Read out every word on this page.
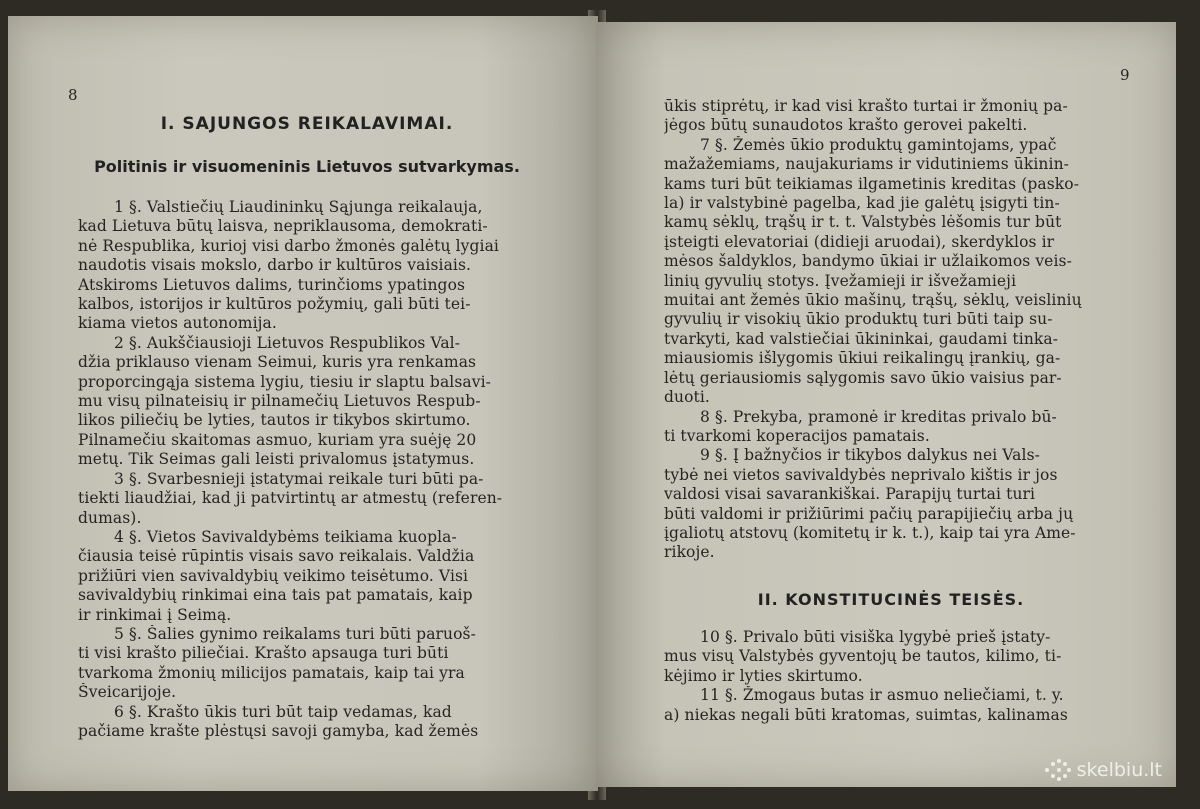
8
I. SAJUNGOS REIKALAVIMAI.
Politinis ir visuomeninis Lietuvos sutvarkymas.
1 §. Valstiečių Liaudininkų Sąjunga reikalauja,
kad Lietuva būtų laisva, nepriklausoma, demokrati-
nė Respublika, kurioj visi darbo žmonės galėtų lygiai
naudotis visais mokslo, darbo ir kultūros vaisiais.
Atskiroms Lietuvos dalims, turinčioms ypatingos
kalbos, istorijos ir kultūros požymių, gali būti tei-
kiama vietos autonomija.
2 §. Aukščiausioji Lietuvos Respublikos Val-
džia priklauso vienam Seimui, kuris yra renkamas
proporcingąja sistema lygiu, tiesiu ir slaptu balsavi-
mu visų pilnateisių ir pilnamečių Lietuvos Respub-
likos piliečių be lyties, tautos ir tikybos skirtumo.
Pilnamečiu skaitomas asmuo, kuriam yra suėję 20
metų. Tik Seimas gali leisti privalomus įstatymus.
3 §. Svarbesnieji įstatymai reikale turi būti pa-
tiekti liaudžiai, kad ji patvirtintų ar atmestų (referen-
dumas).
4 §. Vietos Savivaldybėms teikiama kuopla-
čiausia teisė rūpintis visais savo reikalais. Valdžia
prižiūri vien savivaldybių veikimo teisėtumo. Visi
savivaldybių rinkimai eina tais pat pamatais, kaip
ir rinkimai į Seimą.
5 §. Šalies gynimo reikalams turi būti paruoš-
ti visi krašto piliečiai. Krašto apsauga turi būti
tvarkoma žmonių milicijos pamatais, kaip tai yra
Šveicarijoje.
6 §. Krašto ūkis turi būt taip vedamas, kad
pačiame krašte plėstųsi savoji gamyba, kad žemės
9
ūkis stiprėtų, ir kad visi krašto turtai ir žmonių pa-
jėgos būtų sunaudotos krašto gerovei pakelti.
7 §. Žemės ūkio produktų gamintojams, ypač
mažažemiams, naujakuriams ir vidutiniems ūkinin-
kams turi būt teikiamas ilgametinis kreditas (pasko-
la) ir valstybinė pagelba, kad jie galėtų įsigyti tin-
kamų sėklų, trąšų ir t. t. Valstybės lėšomis tur būt
įsteigti elevatoriai (didieji aruodai), skerdyklos ir
mėsos šaldyklos, bandymo ūkiai ir užlaikomos veis-
linių gyvulių stotys. Įvežamieji ir išvežamieji
muitai ant žemės ūkio mašinų, trąšų, sėklų, veislinių
gyvulių ir visokių ūkio produktų turi būti taip su-
tvarkyti, kad valstiečiai ūkininkai, gaudami tinka-
miausiomis išlygomis ūkiui reikalingų įrankių, ga-
lėtų geriausiomis sąlygomis savo ūkio vaisius par-
duoti.
8 §. Prekyba, pramonė ir kreditas privalo bū-
ti tvarkomi koperacijos pamatais.
9 §. Į bažnyčios ir tikybos dalykus nei Vals-
tybė nei vietos savivaldybės neprivalo kištis ir jos
valdosi visai savarankiškai. Parapijų turtai turi
būti valdomi ir prižiūrimi pačių parapijiečių arba jų
įgaliotų atstovų (komitetų ir k. t.), kaip tai yra Ame-
rikoje.
II. KONSTITUCINĖS TEISĖS.
10 §. Privalo būti visiška lygybė prieš įstaty-
mus visų Valstybės gyventojų be tautos, kilimo, ti-
kėjimo ir lyties skirtumo.
11 §. Žmogaus butas ir asmuo neliečiami, t. y.
a) niekas negali būti kratomas, suimtas, kalinamas
skelbiu.lt
